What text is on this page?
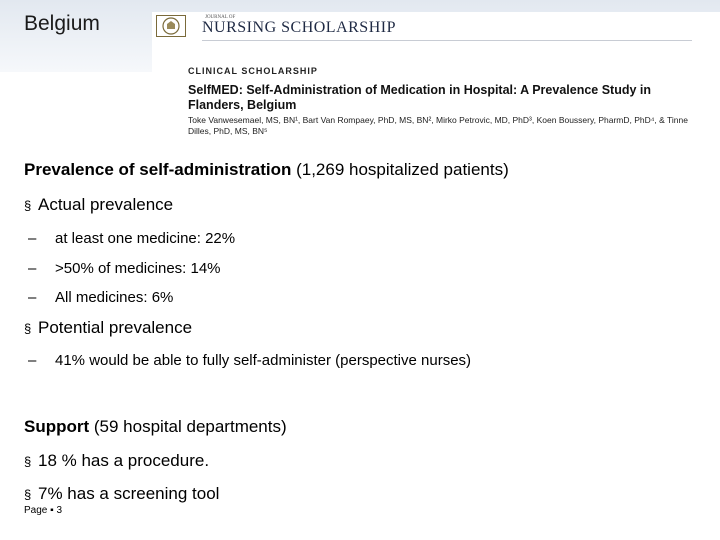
Belgium	JOURNAL OF
NURSING SCHOLARSHIP
CLINICAL SCHOLARSHIP
SelfMED: Self-Administration of Medication in Hospital: A Prevalence Study in Flanders, Belgium
Toke Vanwesemael, MS, BN¹, Bart Van Rompaey, PhD, MS, BN², Mirko Petrovic, MD, PhD³, Koen Boussery, PharmD, PhD⁴, & Tinne Dilles, PhD, MS, BN⁵
Prevalence of self-administration (1,269 hospitalized patients)
§ Actual prevalence
– at least one medicine: 22%
– >50% of medicines: 14%
– All medicines: 6%
§ Potential prevalence
– 41% would be able to fully self-administer (perspective nurses)
Support (59 hospital departments)
§ 18 % has a procedure.
§ 7% has a screening tool
Page ▪ 3
